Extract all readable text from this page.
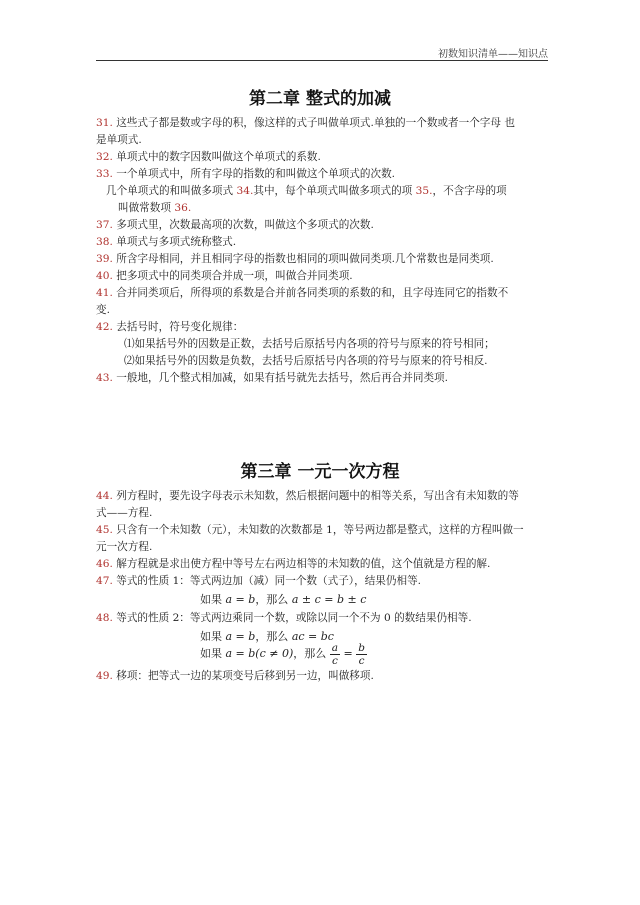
初数知识清单——知识点
第二章 整式的加减
31. 这些式子都是数或字母的积，像这样的式子叫做单项式.单独的一个数或者一个字母 也
是单项式.
32. 单项式中的数字因数叫做这个单项式的系数.
33. 一个单项式中，所有字母的指数的和叫做这个单项式的次数.
几个单项式的和叫做多项式 34.其中，每个单项式叫做多项式的项 35.，不含字母的项
叫做常数项 36.
37. 多项式里，次数最高项的次数，叫做这个多项式的次数.
38. 单项式与多项式统称整式.
39. 所含字母相同，并且相同字母的指数也相同的项叫做同类项.几个常数也是同类项.
40. 把多项式中的同类项合并成一项，叫做合并同类项.
41. 合并同类项后，所得项的系数是合并前各同类项的系数的和，且字母连同它的指数不
变.
42. 去括号时，符号变化规律：
⑴如果括号外的因数是正数，去括号后原括号内各项的符号与原来的符号相同；
⑵如果括号外的因数是负数，去括号后原括号内各项的符号与原来的符号相反.
43. 一般地，几个整式相加减，如果有括号就先去括号，然后再合并同类项.
第三章 一元一次方程
44. 列方程时，要先设字母表示未知数，然后根据问题中的相等关系，写出含有未知数的等
式——方程.
45. 只含有一个未知数（元），未知数的次数都是 1，等号两边都是整式，这样的方程叫做一
元一次方程.
46. 解方程就是求出使方程中等号左右两边相等的未知数的值，这个值就是方程的解.
47. 等式的性质 1：等式两边加（减）同一个数（式子），结果仍相等.
如果 a = b，那么 a ± c = b ± c
48. 等式的性质 2：等式两边乘同一个数，或除以同一个不为 0 的数结果仍相等.
如果 a = b，那么 ac = bc
如果 a = b(c ≠ 0)，那么 $\frac{a}{c} = \frac{b}{c}$
49. 移项：把等式一边的某项变号后移到另一边，叫做移项.
